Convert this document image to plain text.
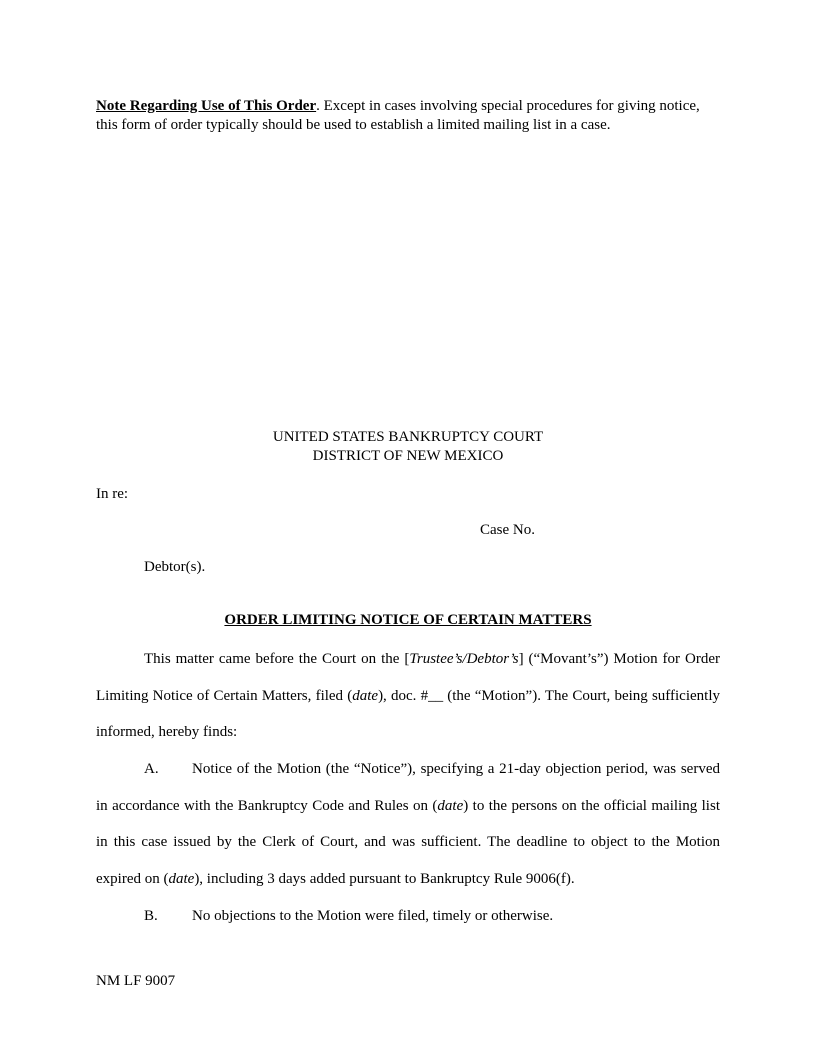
Note Regarding Use of This Order. Except in cases involving special procedures for giving notice, this form of order typically should be used to establish a limited mailing list in a case.
UNITED STATES BANKRUPTCY COURT
DISTRICT OF NEW MEXICO
In re:
Case No.
Debtor(s).
ORDER LIMITING NOTICE OF CERTAIN MATTERS
This matter came before the Court on the [Trustee’s/Debtor’s] (“Movant’s”) Motion for Order Limiting Notice of Certain Matters, filed (date), doc. #__ (the “Motion”). The Court, being sufficiently informed, hereby finds:
A. Notice of the Motion (the “Notice”), specifying a 21-day objection period, was served in accordance with the Bankruptcy Code and Rules on (date) to the persons on the official mailing list in this case issued by the Clerk of Court, and was sufficient. The deadline to object to the Motion expired on (date), including 3 days added pursuant to Bankruptcy Rule 9006(f).
B. No objections to the Motion were filed, timely or otherwise.
NM LF 9007
